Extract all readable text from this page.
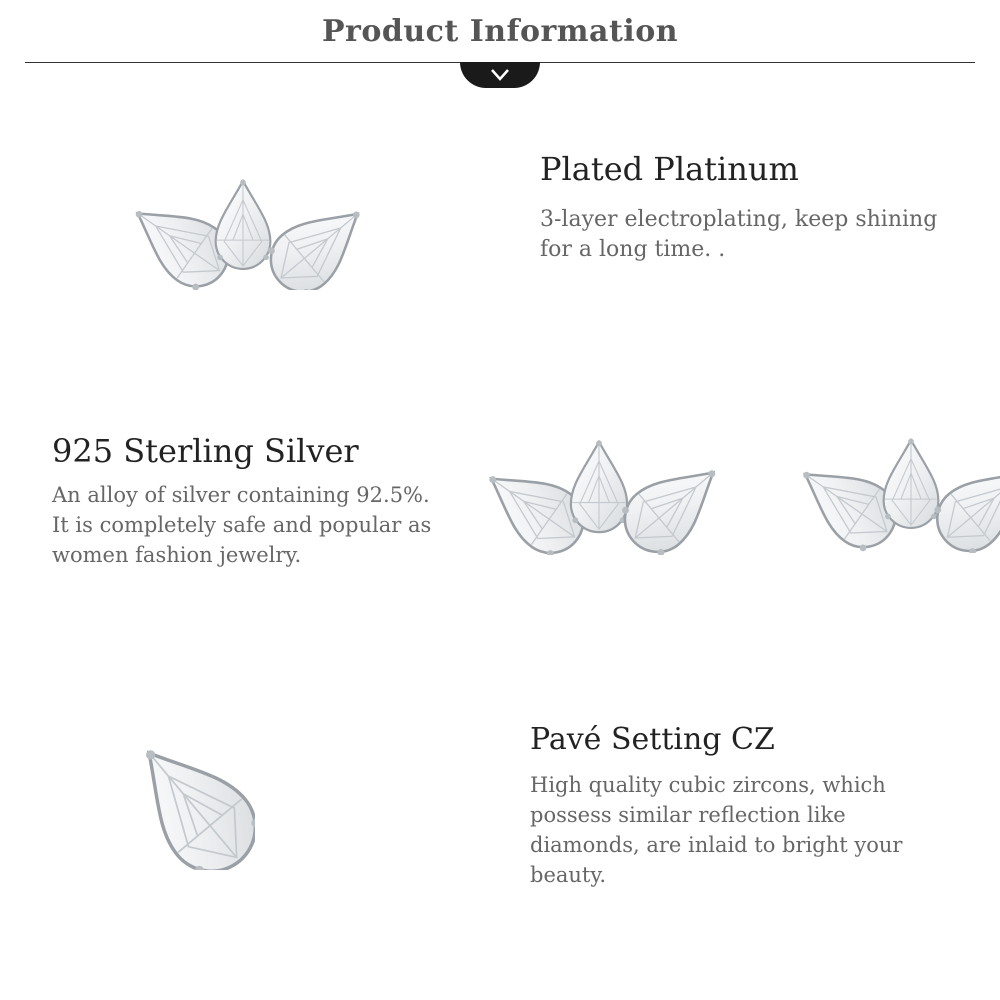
Product Information
Plated Platinum
3-layer electroplating, keep shining for a long time. .
925 Sterling Silver
An alloy of silver containing 92.5%. It is completely safe and popular as women fashion jewelry.
Pavé Setting CZ
High quality cubic zircons, which possess similar reflection like diamonds, are inlaid to bright your beauty.
